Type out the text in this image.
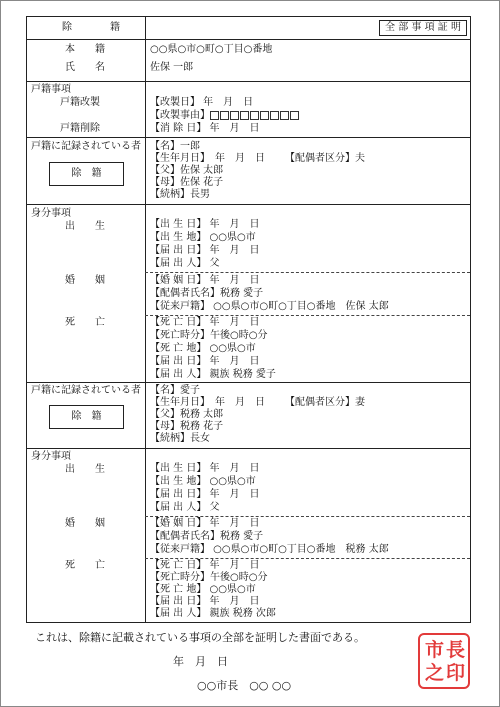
除　　籍	全 部 事 項 証 明
本　　籍	○○県○市○町○丁目○番地
氏　　名	佐保 一郎
戸籍事項
戸籍改製	【改製日】 年　月　日
【改製事由】
戸籍削除	【消 除 日】 年　月　日
戸籍に記録されている者
除　籍
【名】一郎
【生年月日】　年　月　日 【配偶者区分】夫
【父】佐保 太郎
【母】佐保 花子
【続柄】長男
身分事項
出　　生	【出 生 日】 年　月　日
【出 生 地】 ○○県○市
【届 出 日】 年　月　日
【届 出 人】 父
婚　　姻	【婚 姻 日】 年　月　日
【配偶者氏名】税務 愛子
【従来戸籍】 ○○県○市○町○丁目○番地　佐保 太郎
死　　亡	【死 亡 日】 年　月　日
【死亡時分】午後○時○分
【死 亡 地】 ○○県○市
【届 出 日】 年　月　日
【届 出 人】 親族 税務 愛子
戸籍に記録されている者
除　籍
【名】愛子
【生年月日】　年　月　日 【配偶者区分】妻
【父】税務 太郎
【母】税務 花子
【続柄】長女
身分事項
出　　生	【出 生 日】 年　月　日
【出 生 地】 ○○県○市
【届 出 日】 年　月　日
【届 出 人】 父
婚　　姻	【婚 姻 日】 年　月　日
【配偶者氏名】税務 愛子
【従来戸籍】 ○○県○市○町○丁目○番地　税務 太郎
死　　亡	【死 亡 日】 年　月　日
【死亡時分】午後○時○分
【死 亡 地】 ○○県○市
【届 出 日】 年　月　日
【届 出 人】 親族 税務 次郎
これは、除籍に記載されている事項の全部を証明した書面である。
年　月　日
○○市長　○○ ○○
市 長
之 印
